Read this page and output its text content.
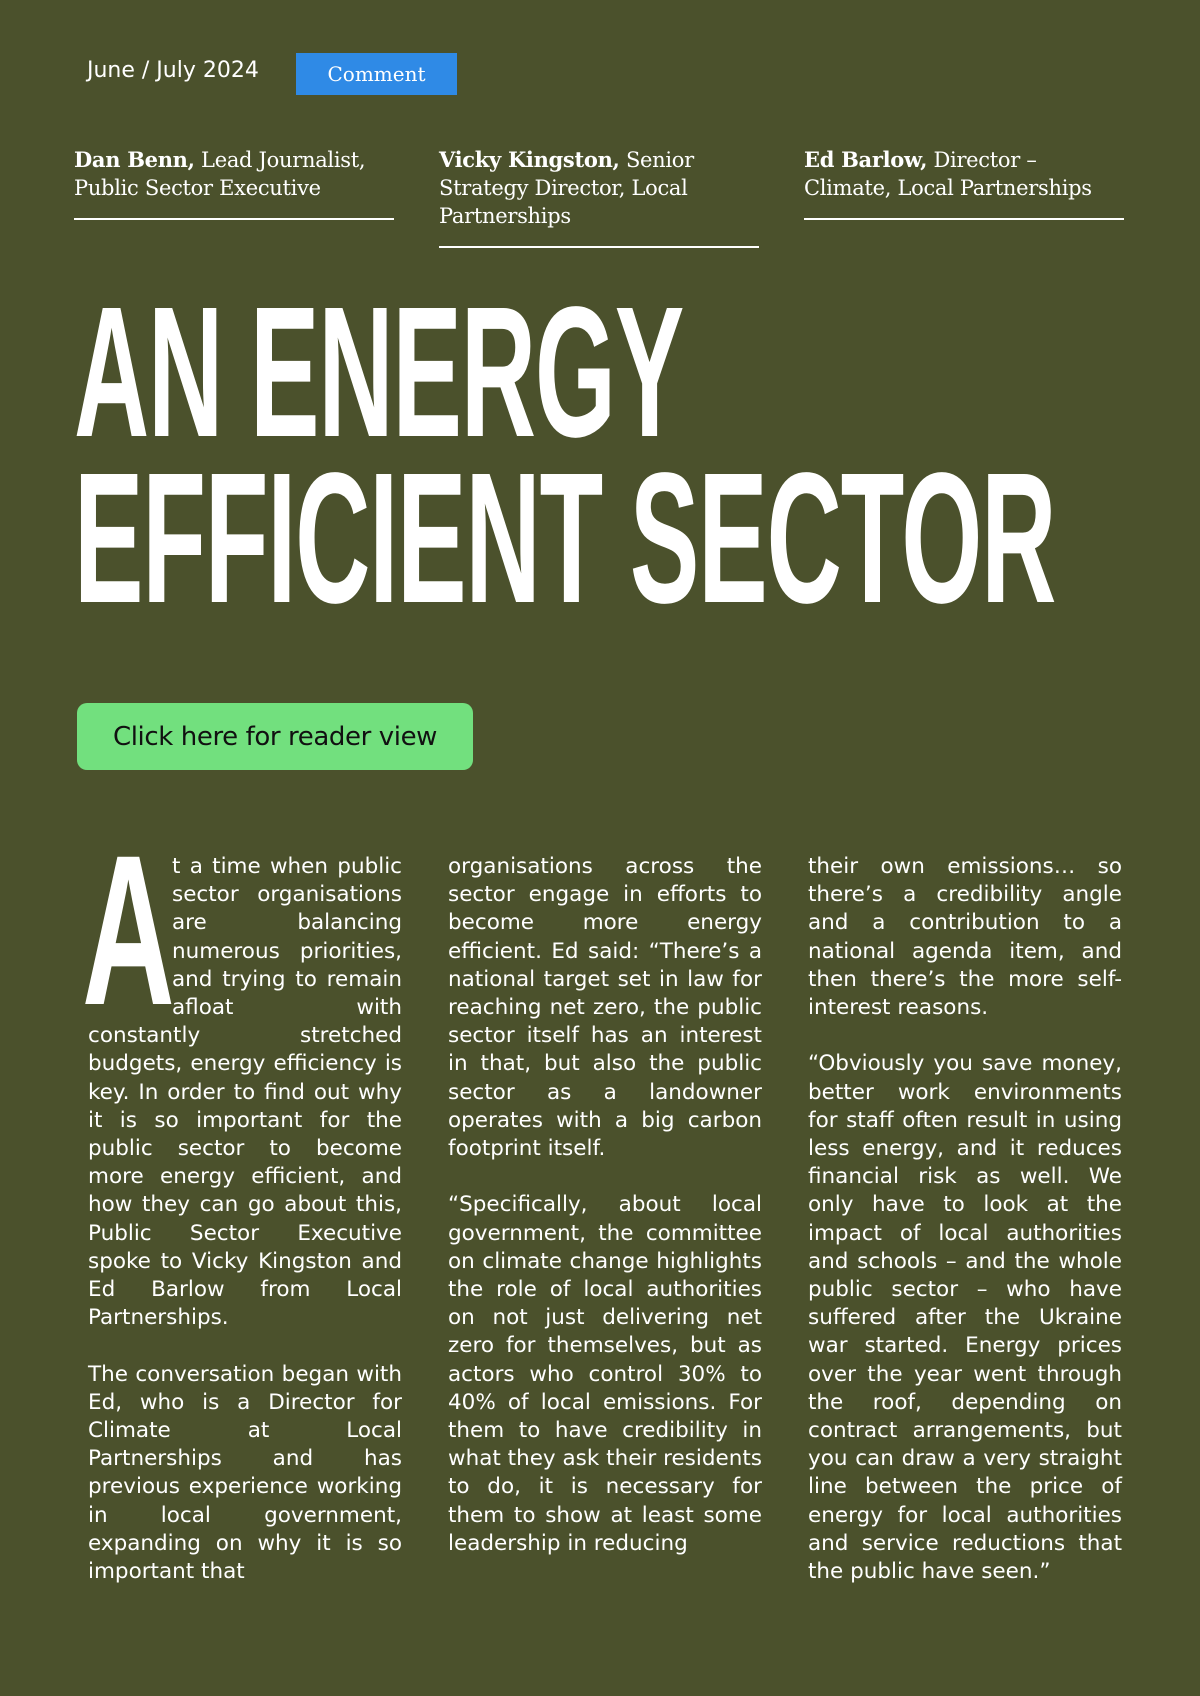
June / July 2024	Comment
Dan Benn, Lead Journalist, Public Sector Executive
Vicky Kingston, Senior Strategy Director, Local Partnerships
Ed Barlow, Director – Climate, Local Partnerships
AN ENERGY
EFFICIENT SECTOR
Click here for reader view

A
t a time when public sector organisations are balancing numerous priorities, and trying to remain afloat with constantly stretched budgets, energy efficiency is key. In order to find out why it is so important for the public sector to become more energy efficient, and how they can go about this, Public Sector Executive spoke to Vicky Kingston and Ed Barlow from Local Partnerships.

The conversation began with Ed, who is a Director for Climate at Local Partnerships and has previous experience working in local government, expanding on why it is so important that

organisations across the sector engage in efforts to become more energy efficient. Ed said: “There’s a national target set in law for reaching net zero, the public sector itself has an interest in that, but also the public sector as a landowner operates with a big carbon footprint itself.

“Specifically, about local government, the committee on climate change highlights the role of local authorities on not just delivering net zero for themselves, but as actors who control 30% to 40% of local emissions. For them to have credibility in what they ask their residents to do, it is necessary for them to show at least some leadership in reducing

their own emissions… so there’s a credibility angle and a contribution to a national agenda item, and then there’s the more self-interest reasons.

“Obviously you save money, better work environments for staff often result in using less energy, and it reduces financial risk as well. We only have to look at the impact of local authorities and schools – and the whole public sector – who have suffered after the Ukraine war started. Energy prices over the year went through the roof, depending on contract arrangements, but you can draw a very straight line between the price of energy for local authorities and service reductions that the public have seen.”
